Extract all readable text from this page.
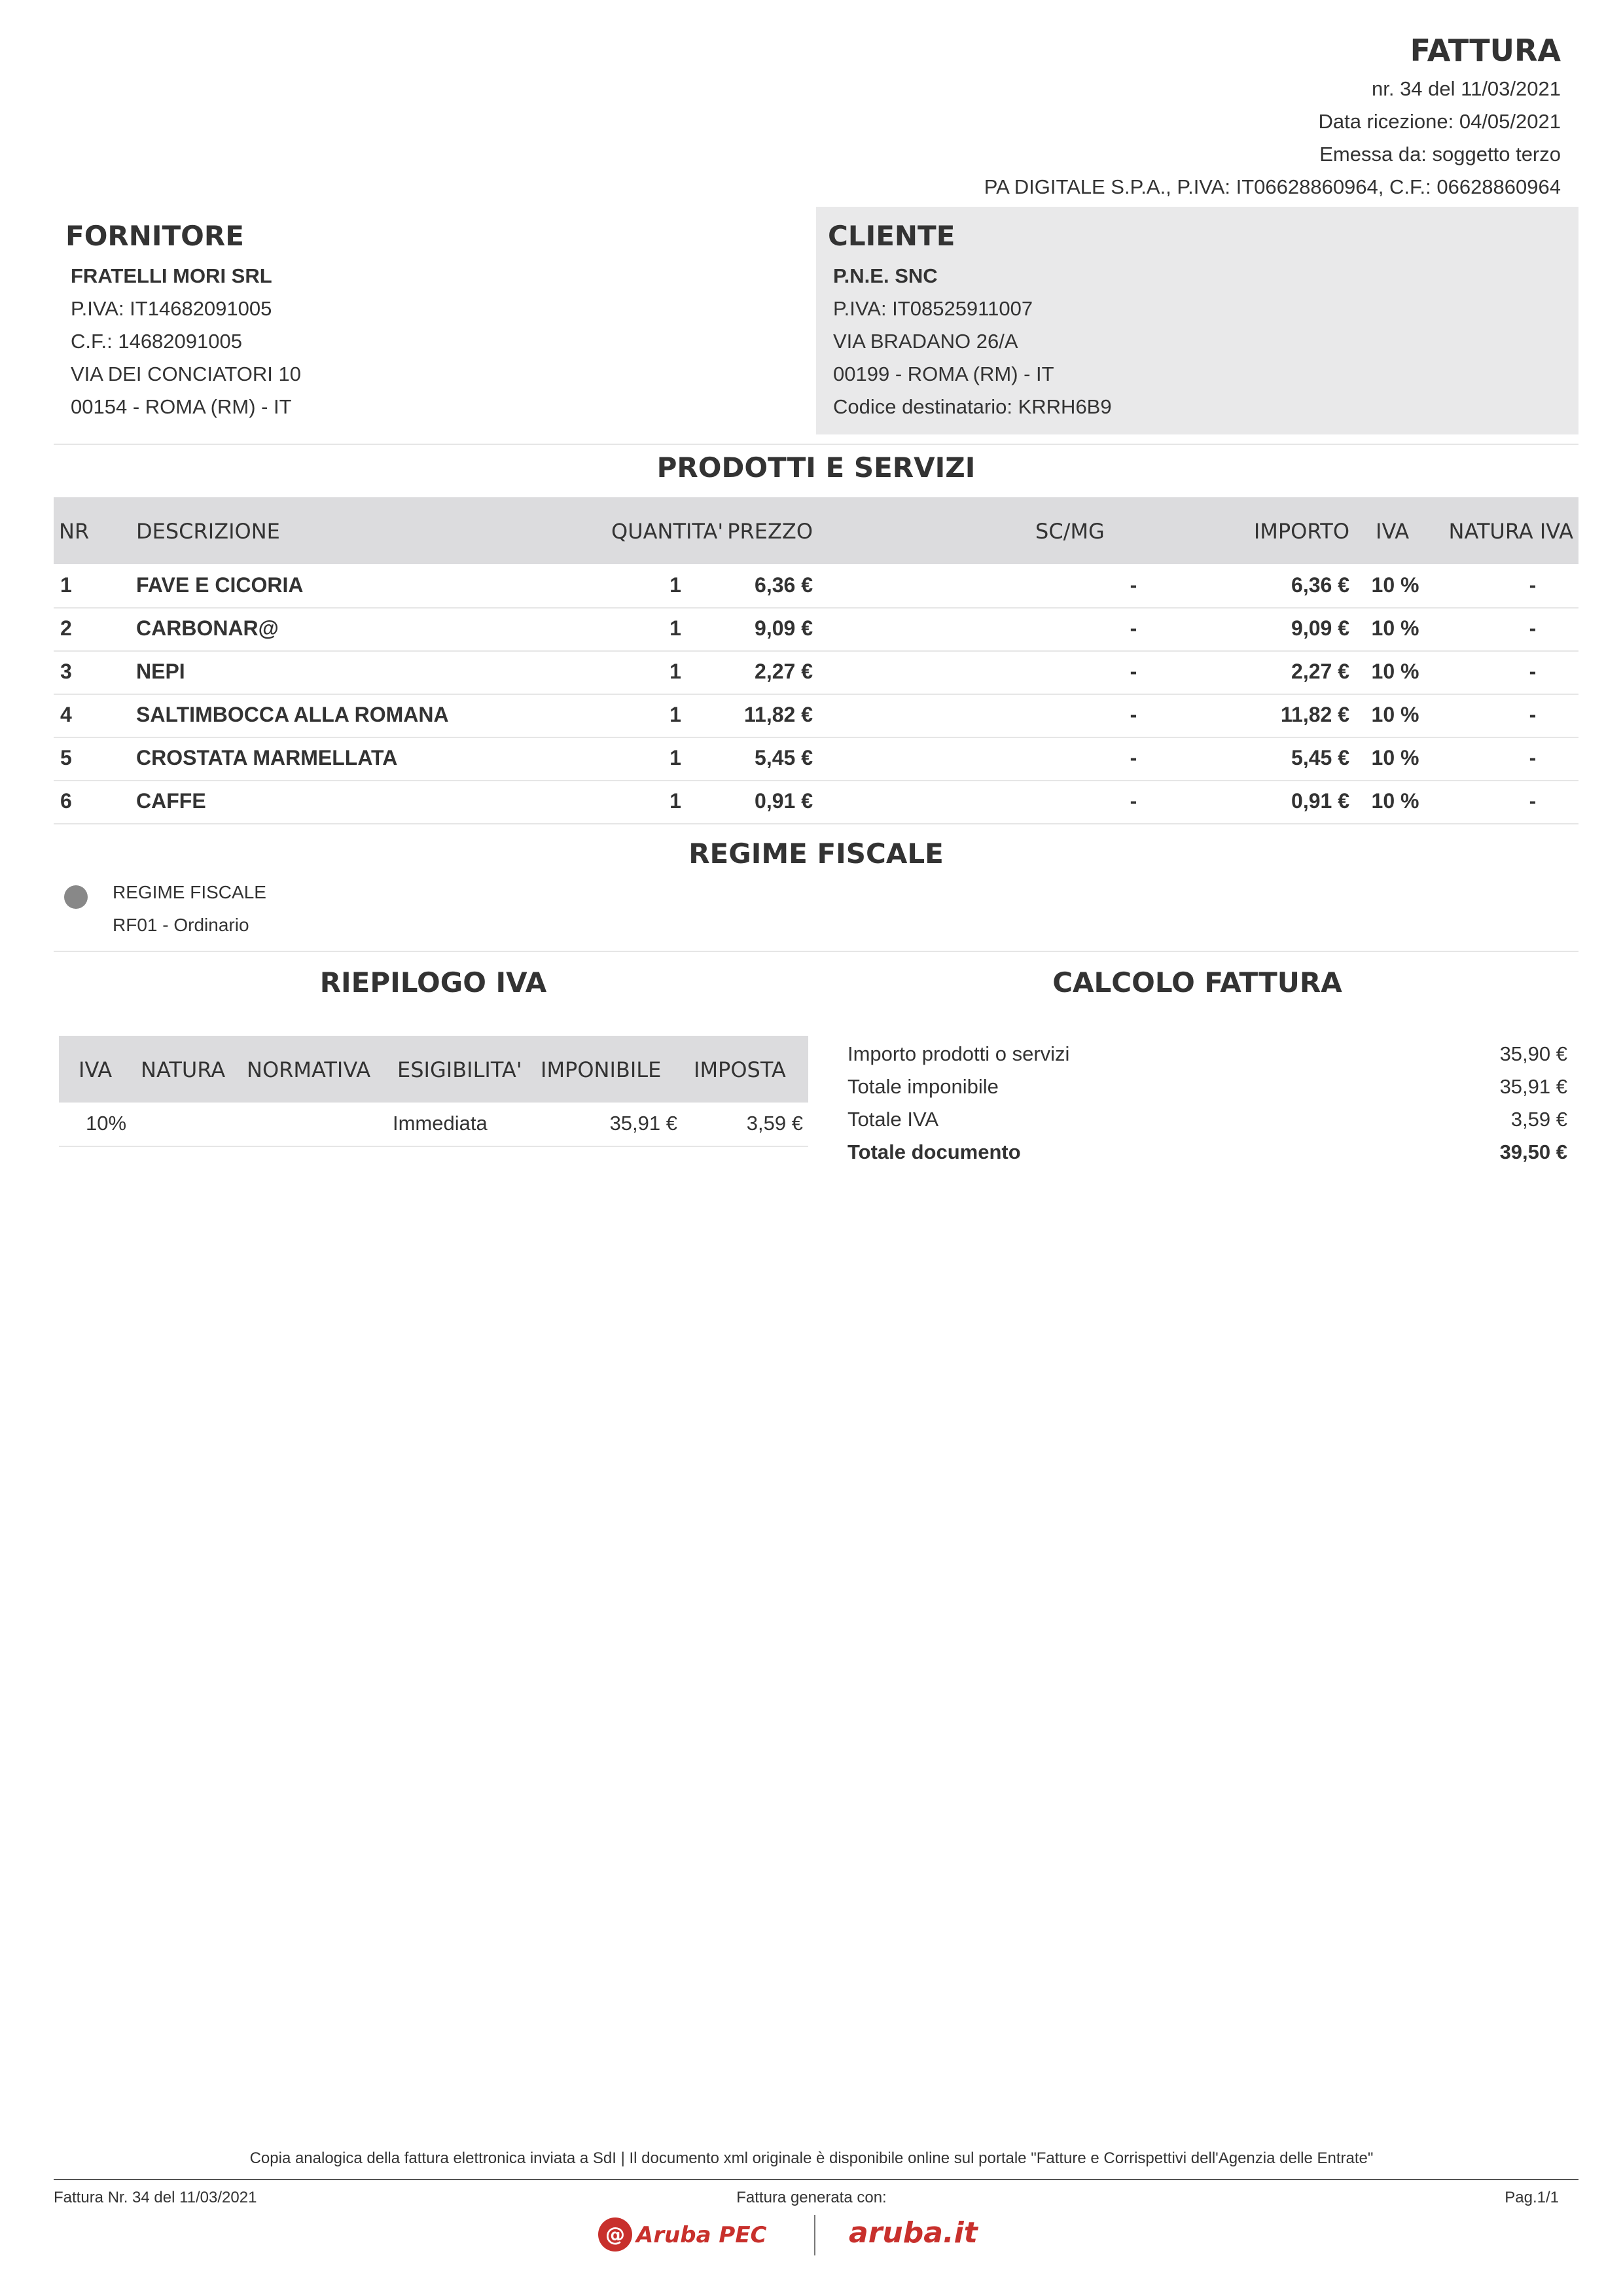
FATTURA
nr. 34 del 11/03/2021
Data ricezione: 04/05/2021
Emessa da: soggetto terzo
PA DIGITALE S.P.A., P.IVA: IT06628860964, C.F.: 06628860964
FORNITORE
FRATELLI MORI SRL
P.IVA: IT14682091005
C.F.: 14682091005
VIA DEI CONCIATORI 10
00154 - ROMA (RM) - IT
CLIENTE
P.N.E. SNC
P.IVA: IT08525911007
VIA BRADANO 26/A
00199 - ROMA (RM) - IT
Codice destinatario: KRRH6B9
PRODOTTI E SERVIZI
NR DESCRIZIONE	QUANTITA' PREZZO	SC/MG	IMPORTO IVA NATURA IVA
1	FAVE E CICORIA	1	6,36 €	-	6,36 €	10 %	-
2	CARBONAR@	1	9,09 €	-	9,09 €	10 %	-
3	NEPI	1	2,27 €	-	2,27 €	10 %	-
4	SALTIMBOCCA ALLA ROMANA	1	11,82 €	-	11,82 €	10 %	-
5	CROSTATA MARMELLATA	1	5,45 €	-	5,45 €	10 %	-
6	CAFFE	1	0,91 €	-	0,91 €	10 %	-
REGIME FISCALE
REGIME FISCALE
RF01 - Ordinario
RIEPILOGO IVA
IVA NATURA NORMATIVA ESIGIBILITA' IMPONIBILE IMPOSTA
10%	Immediata	35,91 €	3,59 €
CALCOLO FATTURA
Importo prodotti o servizi	35,90 €
Totale imponibile	35,91 €
Totale IVA	3,59 €
Totale documento	39,50 €
Copia analogica della fattura elettronica inviata a SdI | Il documento xml originale è disponibile online sul portale "Fatture e Corrispettivi dell'Agenzia delle Entrate"
Fattura Nr. 34 del 11/03/2021	Fattura generata con:	Pag.1/1
@ Aruba PEC	aruba.it
